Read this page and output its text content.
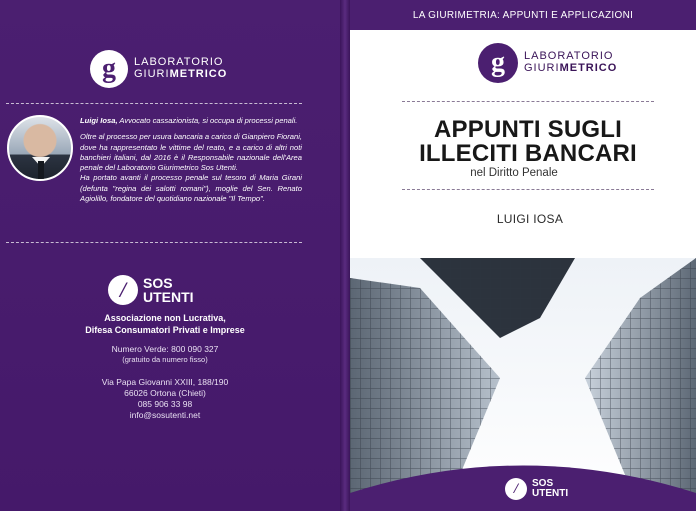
g	LABORATORIO
GIURIMETRICO

Luigi Iosa, Avvocato cassazionista, si occupa di processi penali.

Oltre al processo per usura bancaria a carico di Gianpiero Fiorani, dove ha rappresentato le vittime del reato, e a carico di altri noti banchieri italiani, dal 2016 è il Responsabile nazionale dell'Area penale del Laboratorio Giurimetrico Sos Utenti.

Ha portato avanti il processo penale sul tesoro di Maria Girani (defunta "regina dei salotti romani"), moglie del Sen. Renato Agiolillo, fondatore del quotidiano nazionale "Il Tempo".

/	SOS
UTENTI
Associazione non Lucrativa,
Difesa Consumatori Privati e Imprese
Numero Verde: 800 090 327
(gratuito da numero fisso)
Via Papa Giovanni XXIII, 188/190
66026 Ortona (Chieti)
085 906 33 98
info@sosutenti.net
LA GIURIMETRIA: APPUNTI E APPLICAZIONI
g	LABORATORIO
GIURIMETRICO
APPUNTI SUGLI
ILLECITI BANCARI
nel Diritto Penale
LUIGI IOSA
/	SOS
UTENTI
